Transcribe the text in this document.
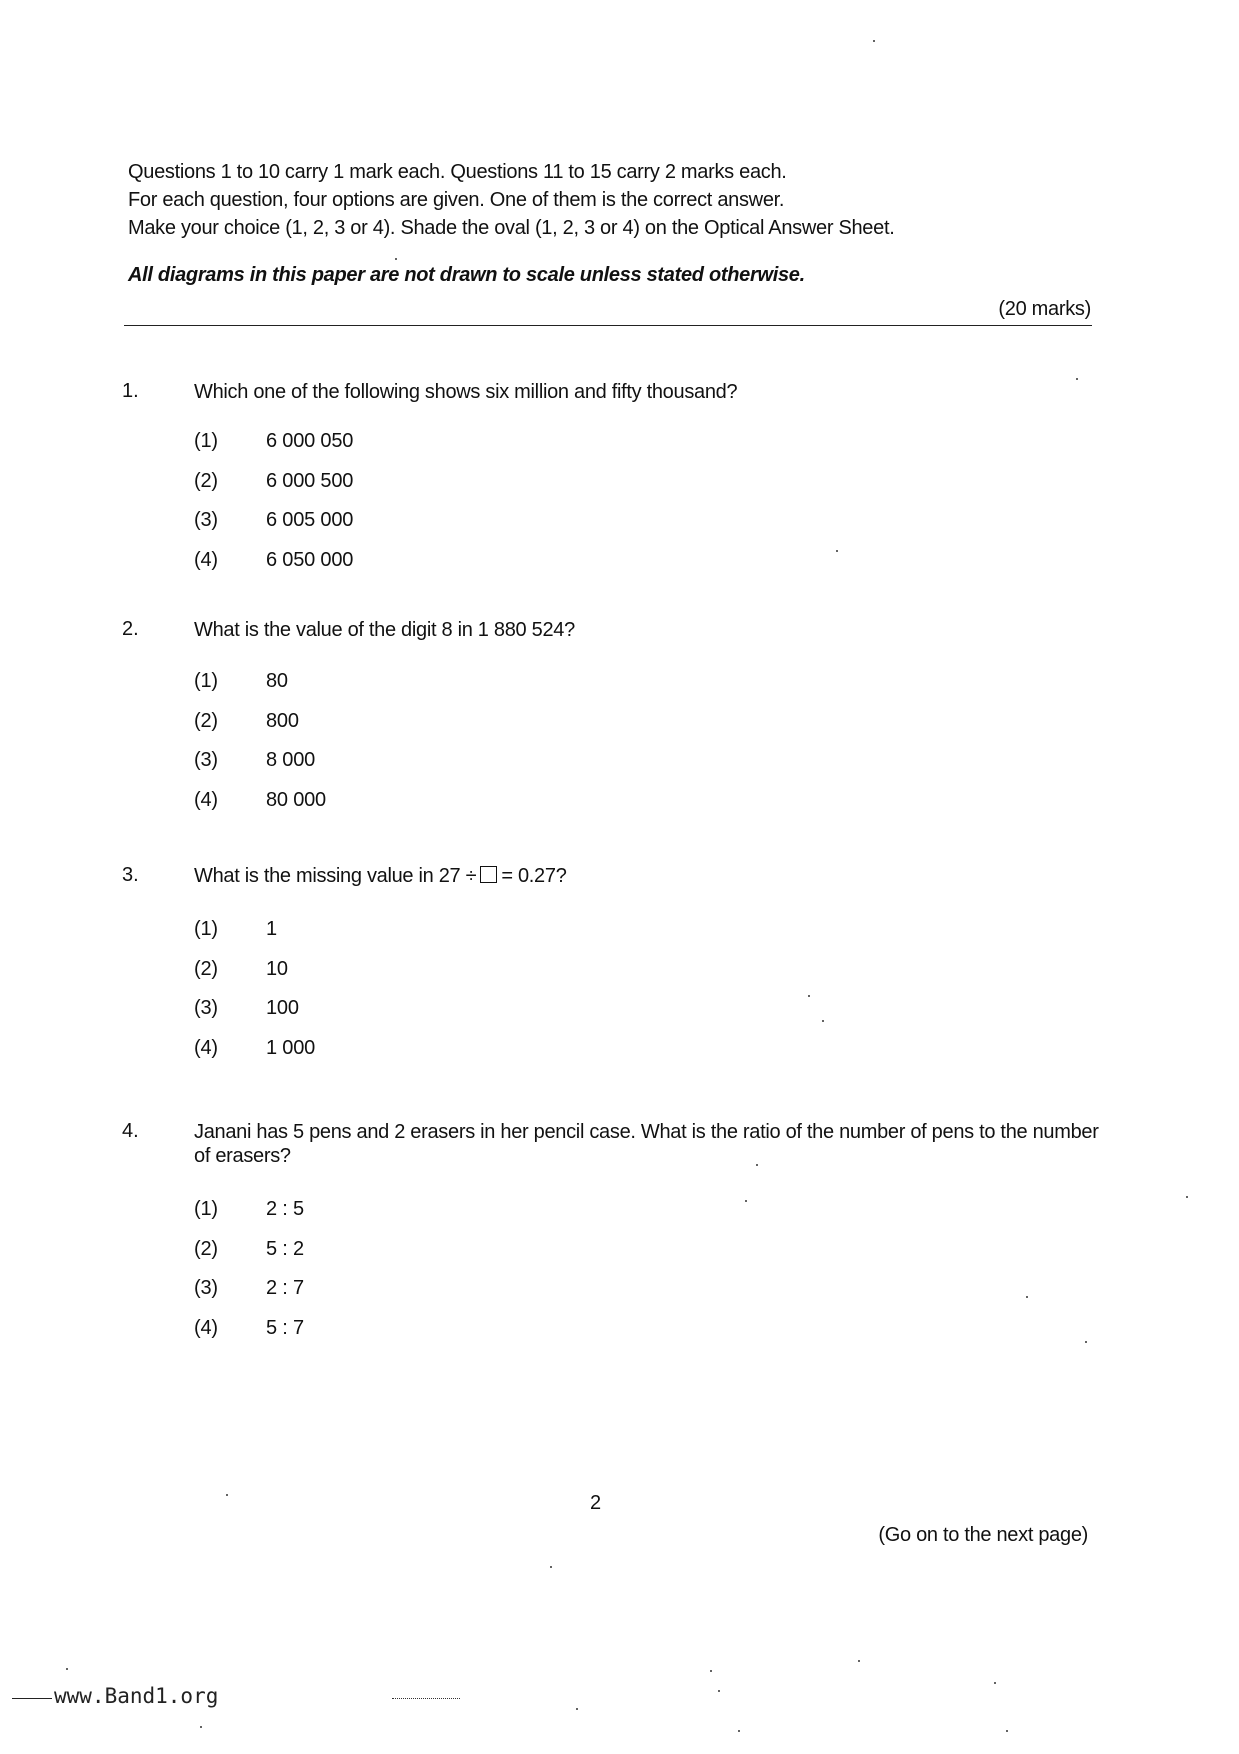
Questions 1 to 10 carry 1 mark each. Questions 11 to 15 carry 2 marks each.
For each question, four options are given. One of them is the correct answer.
Make your choice (1, 2, 3 or 4). Shade the oval (1, 2, 3 or 4) on the Optical Answer Sheet.
All diagrams in this paper are not drawn to scale unless stated otherwise.
(20 marks)
1.	Which one of the following shows six million and fifty thousand?
(1) 6 000 050
(2) 6 000 500
(3) 6 005 000
(4) 6 050 000
2.	What is the value of the digit 8 in 1 880 524?
(1) 80
(2) 800
(3) 8 000
(4) 80 000
3.	What is the missing value in 27 ÷ = 0.27?
(1) 1
(2) 10
(3) 100
(4) 1 000
4.	Janani has 5 pens and 2 erasers in her pencil case. What is the ratio of the number of pens to the number of erasers?
(1) 2 : 5
(2) 5 : 2
(3) 2 : 7
(4) 5 : 7
2
(Go on to the next page)
www.Band1.org
